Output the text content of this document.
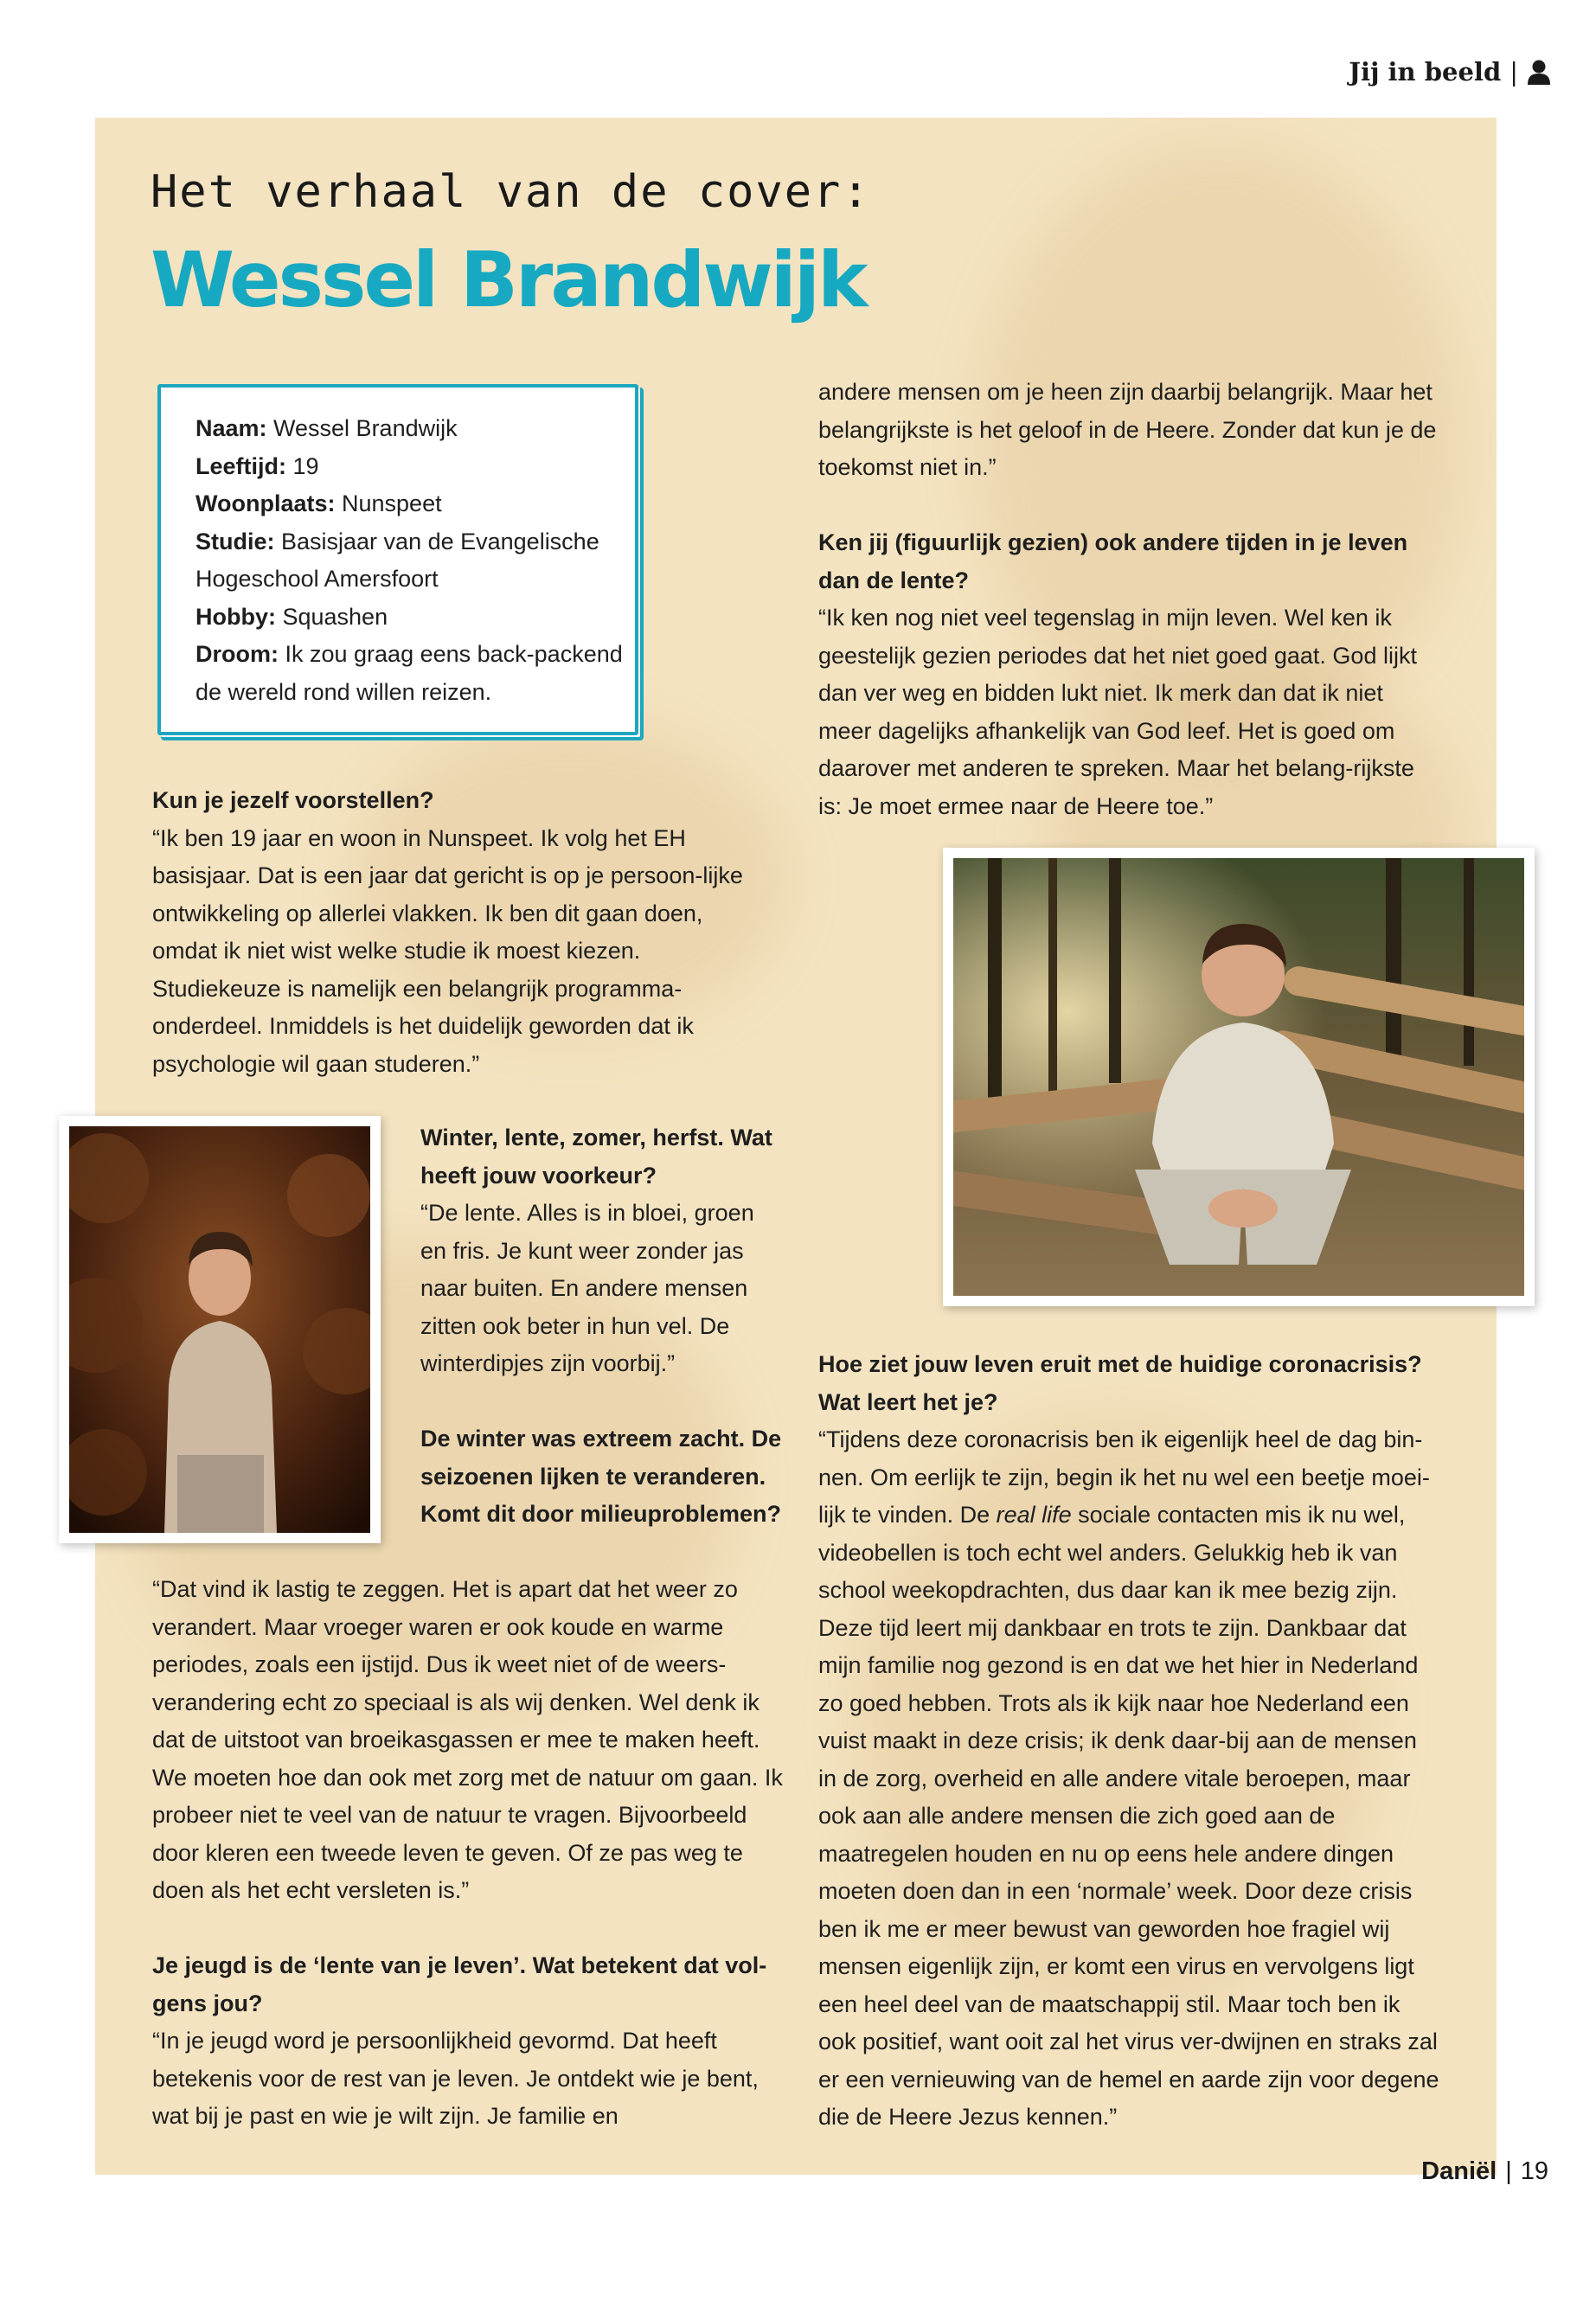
Jij in beeld |
Het verhaal van de cover:
Wessel Brandwijk
Naam: Wessel Brandwijk
Leeftijd: 19
Woonplaats: Nunspeet
Studie: Basisjaar van de Evangelische Hogeschool Amersfoort
Hobby: Squashen
Droom: Ik zou graag eens back-packend de wereld rond willen reizen.

Kun je jezelf voorstellen?

“Ik ben 19 jaar en woon in Nunspeet. Ik volg het EH basisjaar. Dat is een jaar dat gericht is op je persoon-lijke ontwikkeling op allerlei vlakken. Ik ben dit gaan doen, omdat ik niet wist welke studie ik moest kiezen. Studiekeuze is namelijk een belangrijk programma-onderdeel. Inmiddels is het duidelijk geworden dat ik psychologie wil gaan studeren.”

Winter, lente, zomer, herfst. Wat heeft jouw voorkeur?

“De lente. Alles is in bloei, groen en fris. Je kunt weer zonder jas naar buiten. En andere mensen zitten ook beter in hun vel. De winterdipjes zijn voorbij.”

De winter was extreem zacht. De seizoenen lijken te veranderen. Komt dit door milieuproblemen?

“Dat vind ik lastig te zeggen. Het is apart dat het weer zo verandert. Maar vroeger waren er ook koude en warme periodes, zoals een ijstijd. Dus ik weet niet of de weers-verandering echt zo speciaal is als wij denken. Wel denk ik dat de uitstoot van broeikasgassen er mee te maken heeft. We moeten hoe dan ook met zorg met de natuur om gaan. Ik probeer niet te veel van de natuur te vragen. Bijvoorbeeld door kleren een tweede leven te geven. Of ze pas weg te doen als het echt versleten is.”

Je jeugd is de ‘lente van je leven’. Wat betekent dat vol-gens jou?

“In je jeugd word je persoonlijkheid gevormd. Dat heeft betekenis voor de rest van je leven. Je ontdekt wie je bent, wat bij je past en wie je wilt zijn. Je familie en

andere mensen om je heen zijn daarbij belangrijk. Maar het belangrijkste is het geloof in de Heere. Zonder dat kun je de toekomst niet in.”

Ken jij (figuurlijk gezien) ook andere tijden in je leven dan de lente?

“Ik ken nog niet veel tegenslag in mijn leven. Wel ken ik geestelijk gezien periodes dat het niet goed gaat. God lijkt dan ver weg en bidden lukt niet. Ik merk dan dat ik niet meer dagelijks afhankelijk van God leef. Het is goed om daarover met anderen te spreken. Maar het belang-rijkste is: Je moet ermee naar de Heere toe.”

Hoe ziet jouw leven eruit met de huidige coronacrisis? Wat leert het je?

“Tijdens deze coronacrisis ben ik eigenlijk heel de dag bin-nen. Om eerlijk te zijn, begin ik het nu wel een beetje moei-lijk te vinden. De real life sociale contacten mis ik nu wel, videobellen is toch echt wel anders. Gelukkig heb ik van school weekopdrachten, dus daar kan ik mee bezig zijn. Deze tijd leert mij dankbaar en trots te zijn. Dankbaar dat mijn familie nog gezond is en dat we het hier in Nederland zo goed hebben. Trots als ik kijk naar hoe Nederland een vuist maakt in deze crisis; ik denk daar-bij aan de mensen in de zorg, overheid en alle andere vitale beroepen, maar ook aan alle andere mensen die zich goed aan de maatregelen houden en nu op eens hele andere dingen moeten doen dan in een ‘normale’ week. Door deze crisis ben ik me er meer bewust van geworden hoe fragiel wij mensen eigenlijk zijn, er komt een virus en vervolgens ligt een heel deel van de maatschappij stil. Maar toch ben ik ook positief, want ooit zal het virus ver-dwijnen en straks zal er een vernieuwing van de hemel en aarde zijn voor degene die de Heere Jezus kennen.”

Daniël | 19
